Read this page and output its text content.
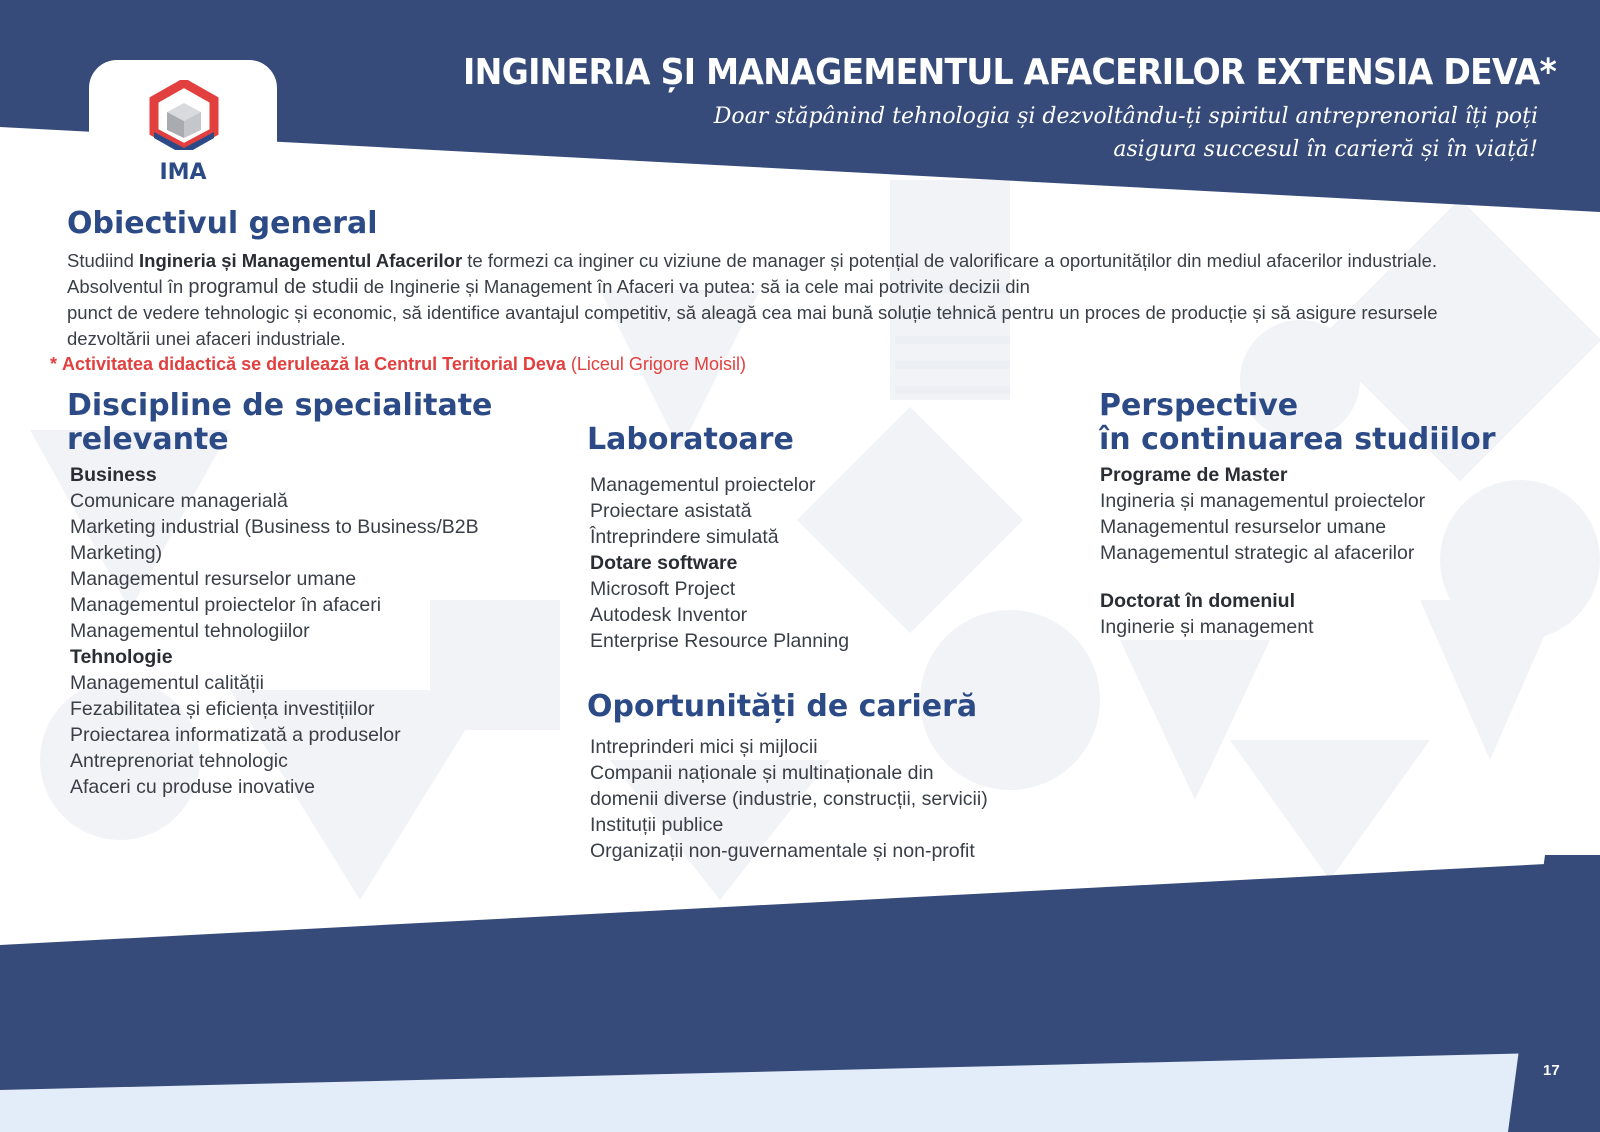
IMA
INGINERIA ȘI MANAGEMENTUL AFACERILOR EXTENSIA DEVA*
Doar stăpânind tehnologia și dezvoltându-ți spiritul antreprenorial îți poți
asigura succesul în carieră și în viață!
Obiectivul general

Studiind Ingineria și Managementul Afacerilor te formezi ca inginer cu viziune de manager și potențial de valorificare a oportunităților din mediul afacerilor industriale. Absolventul în programul de studii de Inginerie și Management în Afaceri va putea: să ia cele mai potrivite decizii din
punct de vedere tehnologic și economic, să identifice avantajul competitiv, să aleagă cea mai bună soluție tehnică pentru un proces de producție și să asigure resursele dezvoltării unei afaceri industriale.

* Activitatea didactică se derulează la Centrul Teritorial Deva (Liceul Grigore Moisil)

Discipline de specialitate
relevante
Business
Comunicare managerială
Marketing industrial (Business to Business/B2B
Marketing)
Managementul resurselor umane
Managementul proiectelor în afaceri
Managementul tehnologiilor
Tehnologie
Managementul calității
Fezabilitatea și eficiența investițiilor
Proiectarea informatizată a produselor
Antreprenoriat tehnologic
Afaceri cu produse inovative
Laboratoare
Managementul proiectelor
Proiectare asistată
Întreprindere simulată
Dotare software
Microsoft Project
Autodesk Inventor
Enterprise Resource Planning
Oportunități de carieră
Intreprinderi mici și mijlocii
Companii naționale și multinaționale din
domenii diverse (industrie, construcții, servicii)
Instituții publice
Organizații non-guvernamentale și non-profit
Perspective
în continuarea studiilor
Programe de Master
Ingineria și managementul proiectelor
Managementul resurselor umane
Managementul strategic al afacerilor
Doctorat în domeniul
Inginerie și management
17
